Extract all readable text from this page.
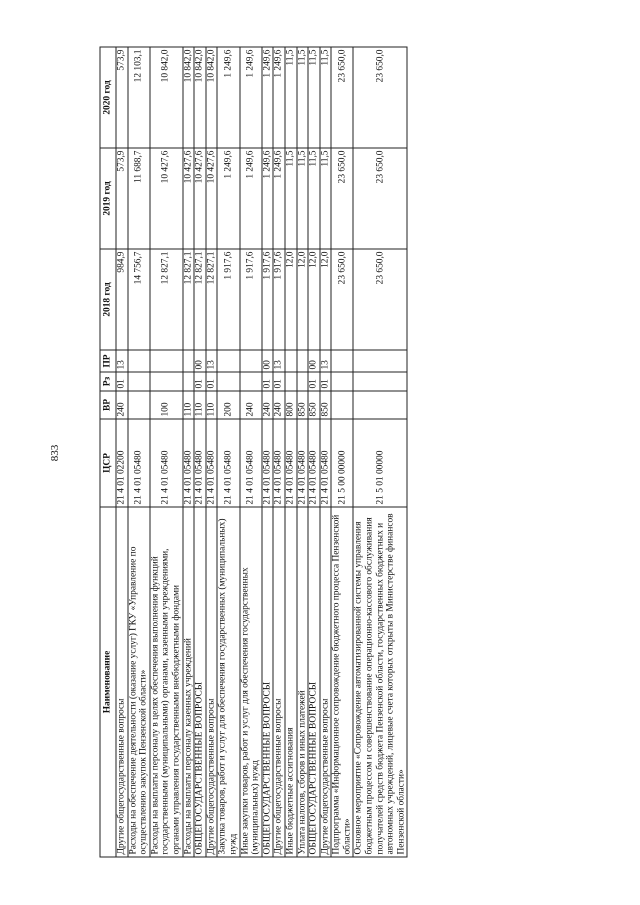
833
Наименование	ЦСР	ВР	Рз	ПР	2018 год	2019 год	2020 год
Другие общегосударственные вопросы	21 4 01 02200	240	01	13	984,9	573,9	573,9
Расходы на обеспечение деятельности (оказание услуг) ГКУ «Управление по осуществлению закупок Пензенской области»	21 4 01 05480				14 756,7	11 688,7	12 103,1
Расходы на выплаты персоналу в целях обеспечения выполнения функций государственными (муниципальными) органами, казенными учреждениями, органами управления государственными внебюджетными фондами	21 4 01 05480	100			12 827,1	10 427,6	10 842,0
Расходы на выплаты персоналу казенных учреждений	21 4 01 05480	110			12 827,1	10 427,6	10 842,0
ОБЩЕГОСУДАРСТВЕННЫЕ ВОПРОСЫ	21 4 01 05480	110	01	00	12 827,1	10 427,6	10 842,0
Другие общегосударственные вопросы	21 4 01 05480	110	01	13	12 827,1	10 427,6	10 842,0
Закупка товаров, работ и услуг для обеспечения государственных (муниципальных) нужд	21 4 01 05480	200			1 917,6	1 249,6	1 249,6
Иные закупки товаров, работ и услуг для обеспечения государственных (муниципальных) нужд	21 4 01 05480	240			1 917,6	1 249,6	1 249,6
ОБЩЕГОСУДАРСТВЕННЫЕ ВОПРОСЫ	21 4 01 05480	240	01	00	1 917,6	1 249,6	1 249,6
Другие общегосударственные вопросы	21 4 01 05480	240	01	13	1 917,6	1 249,6	1 249,6
Иные бюджетные ассигнования	21 4 01 05480	800			12,0	11,5	11,5
Уплата налогов, сборов и иных платежей	21 4 01 05480	850			12,0	11,5	11,5
ОБЩЕГОСУДАРСТВЕННЫЕ ВОПРОСЫ	21 4 01 05480	850	01	00	12,0	11,5	11,5
Другие общегосударственные вопросы	21 4 01 05480	850	01	13	12,0	11,5	11,5
Подпрограмма «Информационное сопровождение бюджетного процесса Пензенской области»	21 5 00 00000				23 650,0	23 650,0	23 650,0
Основное мероприятие «Сопровождение автоматизированной системы управления бюджетным процессом и совершенствование операционно-кассового обслуживания получателей средств бюджета Пензенской области, государственных бюджетных и автономных учреждений, лицевые счета которых открыты в Министерстве финансов Пензенской области»	21 5 01 00000				23 650,0	23 650,0	23 650,0
